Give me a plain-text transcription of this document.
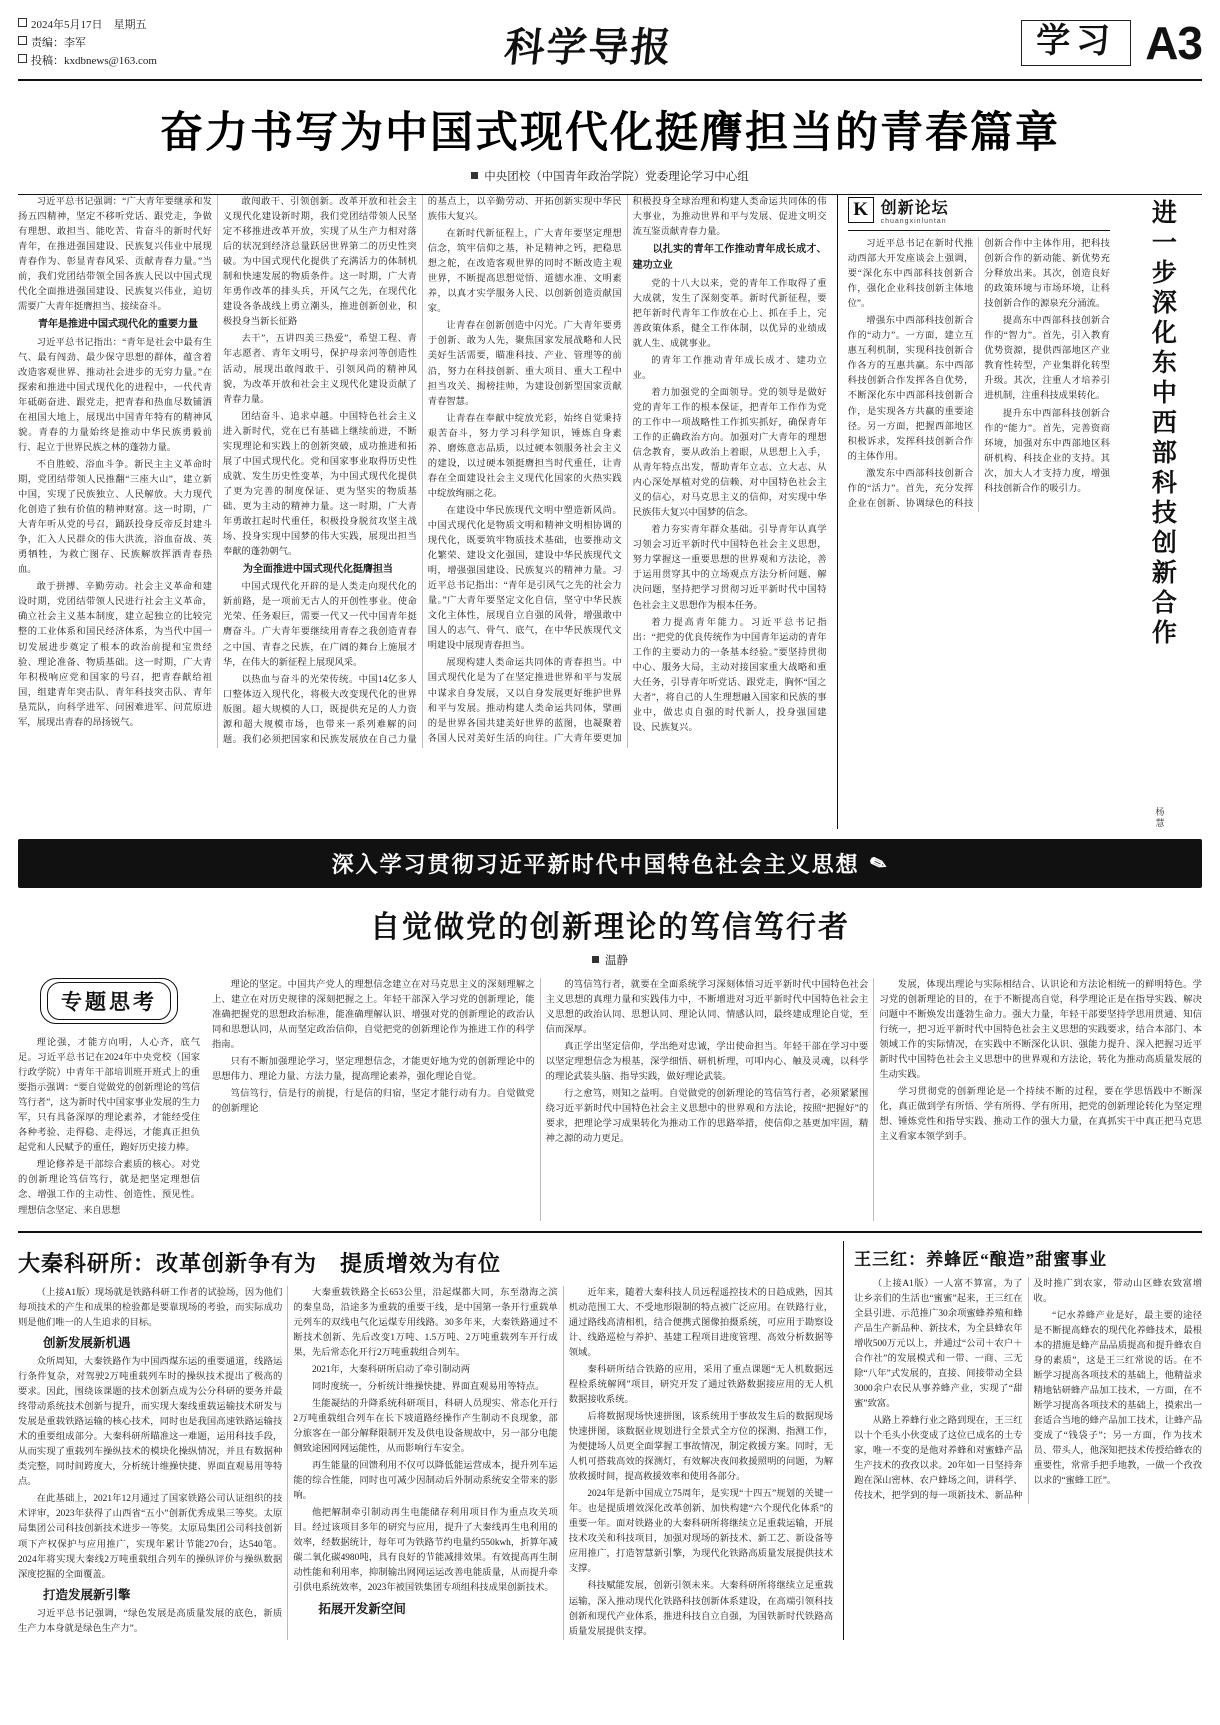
2024年5月17日　星期五
责编：李军
投稿：kxdbnews@163.com	科学导报	学习 A3
奋力书写为中国式现代化挺膺担当的青春篇章
中央团校（中国青年政治学院）党委理论学习中心组

习近平总书记强调：“广大青年要继承和发扬五四精神，坚定不移听党话、跟党走，争做有理想、敢担当、能吃苦、肯奋斗的新时代好青年，在推进强国建设、民族复兴伟业中展现青春作为、彰显青春风采、贡献青春力量。”当前，我们党团结带领全国各族人民以中国式现代化全面推进强国建设、民族复兴伟业，迫切需要广大青年挺膺担当、接续奋斗。

青年是推进中国式现代化的重要力量

习近平总书记指出：“青年是社会中最有生气、最有闯劲、最少保守思想的群体，蕴含着改造客观世界、推动社会进步的无穷力量。”在探索和推进中国式现代化的进程中，一代代青年砥砺奋进、跟党走，把青春和热血尽数铺洒在祖国大地上，展现出中国青年特有的精神风貌。青春的力量始终是推动中华民族勇毅前行、起立于世界民族之林的蓬勃力量。

不自胜蛟、浴血斗争。新民主主义革命时期，党团结带领人民推翻“三座大山”，建立新中国，实现了民族独立、人民解放。大力现代化创造了独有价值的精神财富。这一时期，广大青年听从党的号召，踊跃投身反帝反封建斗争，汇入人民群众的伟大洪流，浴血奋战、英勇牺牲，为救亡图存、民族解放挥洒青春热血。

敢于拼搏、辛勤劳动。社会主义革命和建设时期，党团结带领人民进行社会主义革命，确立社会主义基本制度，建立起独立的比较完整的工业体系和国民经济体系，为当代中国一切发展进步奠定了根本的政治前提和宝贵经验、理论准备、物质基础。这一时期，广大青年积极响应党和国家的号召，把青春献给祖国，组建青年突击队、青年科技突击队、青年垦荒队，向科学进军、问困难进军、问荒原进军，展现出青春的昂扬锐气。

敢闯敢干、引领创新。改革开放和社会主义现代化建设新时期，我们党团结带领人民坚定不移推进改革开放，实现了从生产力相对落后的状况到经济总量跃居世界第二的历史性突破。为中国式现代化提供了充满活力的体制机制和快速发展的物质条件。这一时期，广大青年勇作改革的排头兵，开风气之先，在现代化建设各条战线上勇立潮头，推进创新创业，积极投身当新长征路

去干”，五讲四美三热爱”，希望工程、青年志愿者、青年文明号，保护母亲河等创造性活动，展现出敢闯敢干、引领风尚的精神风貌，为改革开放和社会主义现代化建设贡献了青春力量。

团结奋斗、追求卓越。中国特色社会主义进入新时代，党在已有基础上继续前进，不断实现理论和实践上的创新突破，成功推进和拓展了中国式现代化。党和国家事业取得历史性成就、发生历史性变革，为中国式现代化提供了更为完善的制度保证、更为坚实的物质基础、更为主动的精神力量。这一时期，广大青年勇敢扛起时代重任，积极投身脱贫攻坚主战场、投身实现中国梦的伟大实践，展现出担当奉献的蓬勃朝气。

为全面推进中国式现代化挺膺担当

中国式现代化开辟的是人类走向现代化的新前路，是一项前无古人的开创性事业。使命光荣、任务艰巨，需要一代又一代中国青年挺膺奋斗。广大青年要继续用青春之我创造青春之中国、青春之民族，在广阔的舞台上施展才华，在伟大的新征程上展现风采。

以热血与奋斗的光荣传统。中国14亿多人口整体迈入现代化，将极大改变现代化的世界版图。超大规模的人口，既提供充足的人力资源和超大规模市场，也带来一系列难解的问题。我们必须把国家和民族发展放在自己力量的基点上，以辛勤劳动、开拓创新实现中华民族伟大复兴。

在新时代新征程上，广大青年要坚定理想信念，筑牢信仰之基，补足精神之钙，把稳思想之舵，在改造客观世界的同时不断改造主观世界，不断提高思想觉悟、道德水准、文明素养，以真才实学服务人民、以创新创造贡献国家。

让青春在创新创造中闪光。广大青年要勇于创新、敢为人先，聚焦国家发展战略和人民美好生活需要，瞄准科技、产业、管理等的前沿，努力在科技创新、重大项目、重大工程中担当攻关、揭榜挂帅，为建设创新型国家贡献青春智慧。

让青春在奉献中绽放光彩，始终自觉秉持艰苦奋斗，努力学习科学知识，锤炼自身素养、磨炼意志品质，以过硬本领服务社会主义的建设，以过硬本领挺膺担当时代重任，让青春在全面建设社会主义现代化国家的火热实践中绽放绚丽之花。

在建设中华民族现代文明中塑造新风尚。中国式现代化是物质文明和精神文明相协调的现代化，既要筑牢物质技术基础，也要推动文化繁荣、建设文化强国，建设中华民族现代文明，增强强国建设、民族复兴的精神力量。习近平总书记指出：“青年是引风气之先的社会力量。”广大青年要坚定文化自信，坚守中华民族文化主体性，展现自立自强的风骨，增强敢中国人的志气、骨气、底气，在中华民族现代文明建设中展现青春担当。

展现构建人类命运共同体的青春担当。中国式现代化是为了在坚定推进世界和平与发展中谋求自身发展，又以自身发展更好维护世界和平与发展。推动构建人类命运共同体，擘画的是世界各国共建美好世界的蓝图，也凝聚着各国人民对美好生活的向往。广大青年要更加积极投身全球治理和构建人类命运共同体的伟大事业，为推动世界和平与发展、促进文明交流互鉴贡献青春力量。

以扎实的青年工作推动青年成长成才、建功立业

党的十八大以来，党的青年工作取得了重大成就，发生了深刻变革。新时代新征程，要把年新时代青年工作放在心上、抓在手上，完善政策体系，健全工作体制，以优异的业绩成就人生、成就事业。

的青年工作推动青年成长成才、建功立业。

着力加强党的全面领导。党的领导是做好党的青年工作的根本保证，把青年工作作为党的工作中一项战略性工作抓实抓好，确保青年工作的正确政治方向。加强对广大青年的理想信念教育，要从政治上着眼，从思想上入手，从青年特点出发，帮助青年立志、立大志、从内心深处厚植对党的信赖、对中国特色社会主义的信心，对马克思主义的信仰，对实现中华民族伟大复兴中国梦的信念。

着力夯实青年群众基础。引导青年认真学习领会习近平新时代中国特色社会主义思想，努力掌握这一重要思想的世界观和方法论，善于运用贯穿其中的立场观点方法分析问题、解决问题，坚持把学习贯彻习近平新时代中国特色社会主义思想作为根本任务。

着力提高青年能力。习近平总书记指出：“把党的优良传统作为中国青年运动的青年工作的主要动力的一条基本经验。”要坚持贯彻中心、服务大局，主动对接国家重大战略和重大任务，引导青年听党话、跟党走，胸怀“国之大者”，将自己的人生理想融入国家和民族的事业中，做忠贞自强的时代新人，投身强国建设、民族复兴。

K 创新论坛
chuangxinluntan

习近平总书记在新时代推动西部大开发座谈会上强调，要“深化东中西部科技创新合作，强化企业科技创新主体地位”。

增强东中西部科技创新合作的“动力”。一方面，建立互惠互利机制，实现科技创新合作各方的互惠共赢。东中西部科技创新合作发挥各自优势，不断深化东中西部科技创新合作，是实现各方共赢的重要途径。另一方面，把握西部地区积极诉求，发挥科技创新合作的主体作用。

激发东中西部科技创新合作的“活力”。首先，充分发挥企业在创新、协调绿色的科技创新合作中主体作用，把科技创新合作的新动能、新优势充分释放出来。其次，创造良好的政策环境与市场环境，让科技创新合作的源泉充分涌流。

提高东中西部科技创新合作的“智力”。首先，引入教育优势资源，提供西部地区产业教育性转型，产业集群化转型升级。其次，注重人才培养引进机制，注重科技成果转化。

提升东中西部科技创新合作的“能力”。首先，完善资商环境，加强对东中西部地区科研机构、科技企业的支持。其次，加大人才支持力度，增强科技创新合作的吸引力。	进一步深化东中西部科技创新合作
杨慧
深入学习贯彻习近平新时代中国特色社会主义思想 ✎
自觉做党的创新理论的笃信笃行者
温静
专题思考

理论强，才能方向明，人心齐，底气足。习近平总书记在2024年中央党校（国家行政学院）中青年干部培训班开班式上的重要指示强调：“要自觉做党的创新理论的笃信笃行者”，这为新时代中国家事业发展的生力军，只有具备深厚的理论素养，才能经受住各种考验、走得稳、走得远，才能真正担负起党和人民赋予的重任，跑好历史接力棒。

理论修养是干部综合素质的核心。对党的创新理论笃信笃行，就是把坚定理想信念、增强工作的主动性、创造性、预见性。理想信念坚定、来自思想

理论的坚定。中国共产党人的理想信念建立在对马克思主义的深刻理解之上、建立在对历史规律的深刻把握之上。年轻干部深入学习党的创新理论，能准确把握党的思想政治标准，能准确理解认识、增强对党的创新理论的政治认同和思想认同，从而坚定政治信仰，自觉把党的创新理论作为推进工作的科学指南。

只有不断加强理论学习，坚定理想信念，才能更好地为党的创新理论中的思想伟力、理论力量、方法力量，提高理论素养，强化理论自觉。

笃信笃行，信是行的前提，行是信的归宿，坚定才能行动有力。自觉做党的创新理论

的笃信笃行者，就要在全面系统学习深刻体悟习近平新时代中国特色社会主义思想的真理力量和实践伟力中，不断增进对习近平新时代中国特色社会主义思想的政治认同、思想认同、理论认同、情感认同，最终建成理论自觉，至信而深厚。

真正学出坚定信仰，学出绝对忠诚，学出使命担当。年轻干部在学习中要以坚定理想信念为根基，深学细悟、研机析理，可叩内心、触及灵魂，以科学的理论武装头脑、指导实践，做好理论武装。

行之愈笃，则知之益明。自觉做党的创新理论的笃信笃行者，必须紧紧围绕习近平新时代中国特色社会主义思想中的世界观和方法论，按照“把握好”的要求，把理论学习成果转化为推动工作的思路举措，使信仰之基更加牢固，精神之源的动力更足。

发展，体现出理论与实际相结合、认识论和方法论相统一的鲜明特色。学习党的创新理论的目的，在于不断提高自觉，科学理论正是在指导实践、解决问题中不断焕发出蓬勃生命力。强大力量，年轻干部要坚持学思用贯通、知信行统一，把习近平新时代中国特色社会主义思想的实践要求，结合本部门、本领域工作的实际情况，在实践中不断深化认识、强能力提升、深入把握习近平新时代中国特色社会主义思想中的世界观和方法论，转化为推动高质量发展的生动实践。

学习贯彻党的创新理论是一个持续不断的过程，要在学思悟践中不断深化，真正做到学有所悟、学有所得、学有所用，把党的创新理论转化为坚定理想、锤炼党性和指导实践、推动工作的强大力量，在真抓实干中真正把马克思主义看家本领学到手。

大秦科研所：改革创新争有为　提质增效为有位

（上接A1版）现场就是铁路科研工作者的试验场，因为他们每项技术的产生和成果的检验都是要靠现场的考验，而实际成功则是他们唯一的人生追求的目标。

创新发展新机遇

众所周知，大秦铁路作为中国西煤东运的重要通道，线路运行条件复杂，对驾驶2万吨重载列车时的操纵技术提出了极高的要求。因此，围绕该课题的技术创新点成为公分科研的要务并最终带动系统技术创新与提升，而实现大秦线重载运输技术研发与发展是重载铁路运输的核心技术，同时也是我国高速铁路运输技术的重要组成部分。大秦科研所瞄准这一难题，运用科技手段，从而实现了重载列车操纵技术的模块化操纵情况，并且有数据种类完整，同时间跨度大，分析统计维操快捷、界面直观易用等特点。

在此基础上，2021年12月通过了国家铁路公司认证组织的技术评审，2023年获得了山西省“五小”创新优秀成果三等奖。太原局集团公司科技创新技术进步一等奖。太原局集团公司科技创新项下产权保护与应用推广，实现年累计节能270台，达540笔。2024年将实现大秦线2万吨重载组合列车的操纵评价与操纵数据深度挖掘的全面覆盖。

打造发展新引擎

习近平总书记强调，“绿色发展是高质量发展的底色，新质生产力本身就是绿色生产力”。

大秦重载铁路全长653公里，沿起煤都大同，东至渤海之滨的秦皇岛，沿途多为重载的重要干线，是中国第一条开行重载单元列车的双线电气化运煤专用线路。30多年来，大秦铁路通过不断技术创新、先后改变1万吨、1.5万吨、2万吨重载列车开行成果，先后常态化开行2万吨重载组合列车。

2021年，大秦科研所启动了牵引制动两

同时度统一，分析统计维操快捷、界面直观易用等特点。

生能凝结的升降系统科研项目，科研人员现实、常态化开行2万吨重载组合列车在长下坡道路经操作产生制动不良现象，部分旅客在一部分解释限制开发及供电设备规故中，另一部分电能侧致途困网网运能性，从而影响行车安全。

再生能量的回馈利用不仅可以降低能运营成本，提升列车运能的综合性能，同时也可减少因制动后外制动系统安全带来的影响。

他把解制牵引制动再生电能储存利用项目作为重点攻关项目。经过该项目多年的研究与应用，提升了大秦线再生电利用的效率，经数据统计，每年可为铁路节约电量约550kwh，折算年减碳二氧化碳4980吨，具有良好的节能减排效果。有效提高再生制动性能和利用率，抑制输出网网运运改善电能质量，从而提升牵引供电系统效率，2023年被国铁集团专项组科技成果创新技术。

拓展开发新空间

近年来，随着大秦科技人员远程遥控技术的日趋成熟，因其机动范围工大、不受地形限制的特点被广泛应用。在铁路行业，通过路线高清相机，结合便携式图像拍摄系统，可应用于勘察设计、线路巡检与养护、基建工程项目进度管理、高效分析数据等领域。

秦科研所结合铁路的应用，采用了重点课题“无人机数据远程检系统解网”项目，研究开发了通过铁路数据接应用的无人机数据接收系统。

后将数据现场快速拼图，该系统用于事故发生后的数据现场快速拼图，该数据业规划进行全景式全方位的探测、指测工作，为便捷场人员更全面掌握工事故情况，制定救援方案。同时，无人机可搭载高效的探测灯，有效解决夜间救援照明的问题，为解放救援时间，提高救援效率和使用各部分。

2024年是新中国成立75周年，是实现“十四五”规划的关键一年。也是提质增效深化改革创新、加快构建“六个现代化体系”的重要一年。面对铁路业的大秦科研所将继续立足重载运输，开展技术攻关和科技项目，加强对现场的新技术、新工艺、新设备等应用推广，打造智慧新引擎，为现代化铁路高质量发展提供技术支撑。

科技赋能发展，创新引领未来。大秦科研所将继续立足重载运输，深入推动现代化铁路科技创新体系建设，在高端引领科技创新和现代产业体系，推进科技自立自强，为国铁新时代铁路高质量发展提供支撑。

王三红：养蜂匠“酿造”甜蜜事业

（上接A1版）一人富不算富，为了让乡亲们的生活也“蜜蜜”起来，王三红在全县引进、示范推广30余项蜜蜂养殖和蜂产品生产新品种、新技术，为全县蜂农年增收500万元以上，并通过“公司＋农户＋合作社”的发展模式和一带、一商、三无除“八年”式发展的，直接、间接带动全县3000余户农民从事养蜂产业，实现了“甜蜜”致富。

从路上养蜂行业之路到现在，王三红以十个毛头小伙变成了这位已成名的土专家，唯一不变的是他对养蜂和对蜜蜂产品生产技术的孜孜以求。20年如一日坚持奔跑在深山密林、农户蜂场之间，讲科学、传技术，把学到的每一项新技术、新品种及时推广到农家，带动山区蜂农致富增收。

“记水养蜂产业是好，最主要的途径是不断提高蜂农的现代化养蜂技术，最根本的措施是蜂产品品质提高和提升蜂农自身的素质”，这是王三红常说的话。在不断学习提高各项技术的基础上，他精益求精地钻研蜂产品加工技术，一方面，在不断学习提高各项技术的基础上，摸索出一套适合当地的蜂产品加工技术，让蜂产品变成了“钱袋子”；另一方面，作为技术员、带头人，他深知把技术传授给蜂农的重要性，常常手把手地教，一做一个孜孜以求的“蜜蜂工匠”。
